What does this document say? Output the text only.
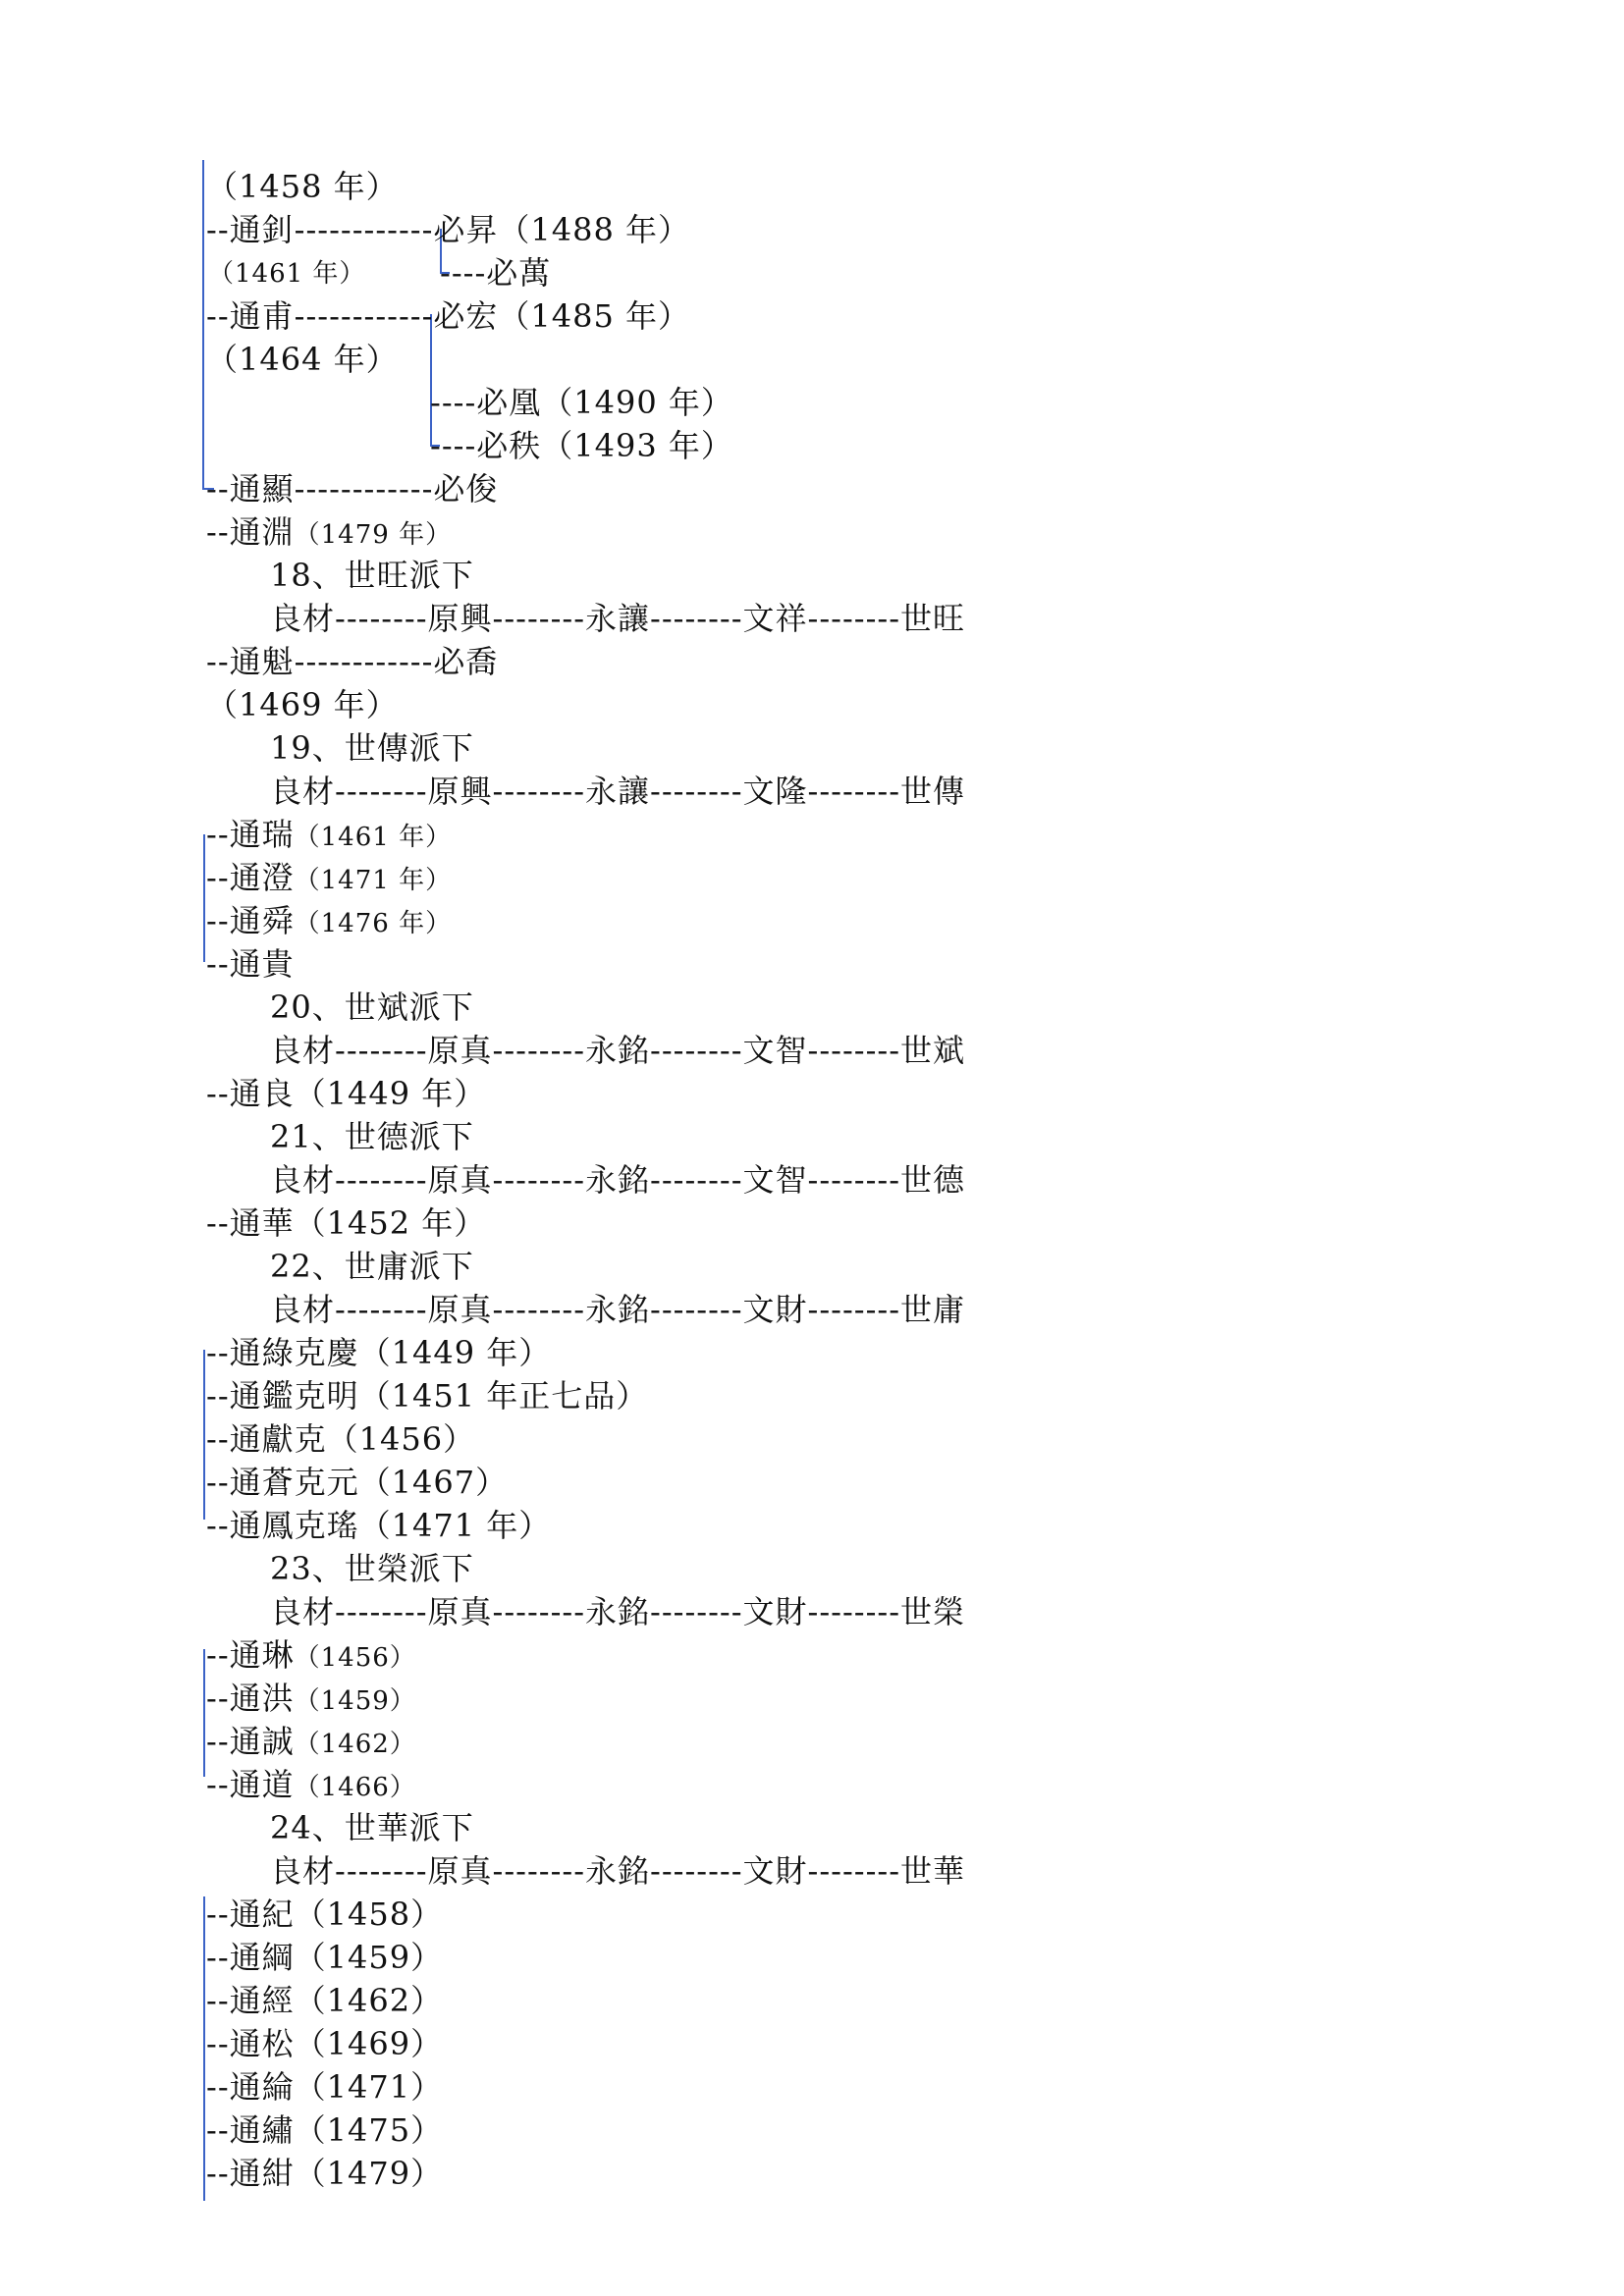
（1458 年）
--通釗------------必昇（1488 年）
（1461 年） ----必萬
--通甫------------必宏（1485 年）
（1464 年）
----必凰（1490 年）
----必秩（1493 年）
--通顯------------必俊
--通淵（1479 年）
18、世旺派下
良材--------原興--------永讓--------文祥--------世旺
--通魁------------必喬
（1469 年）
19、世傳派下
良材--------原興--------永讓--------文隆--------世傳
--通瑞（1461 年）
--通澄（1471 年）
--通舜（1476 年）
--通貴
20、世斌派下
良材--------原真--------永銘--------文智--------世斌
--通良（1449 年）
21、世德派下
良材--------原真--------永銘--------文智--------世德
--通華（1452 年）
22、世庸派下
良材--------原真--------永銘--------文財--------世庸
--通綠克慶（1449 年）
--通鑑克明（1451 年正七品）
--通獻克（1456）
--通蒼克元（1467）
--通鳳克瑤（1471 年）
23、世榮派下
良材--------原真--------永銘--------文財--------世榮
--通琳（1456）
--通洪（1459）
--通誠（1462）
--通道（1466）
24、世華派下
良材--------原真--------永銘--------文財--------世華
--通紀（1458）
--通綱（1459）
--通經（1462）
--通松（1469）
--通綸（1471）
--通繡（1475）
--通紺（1479）
